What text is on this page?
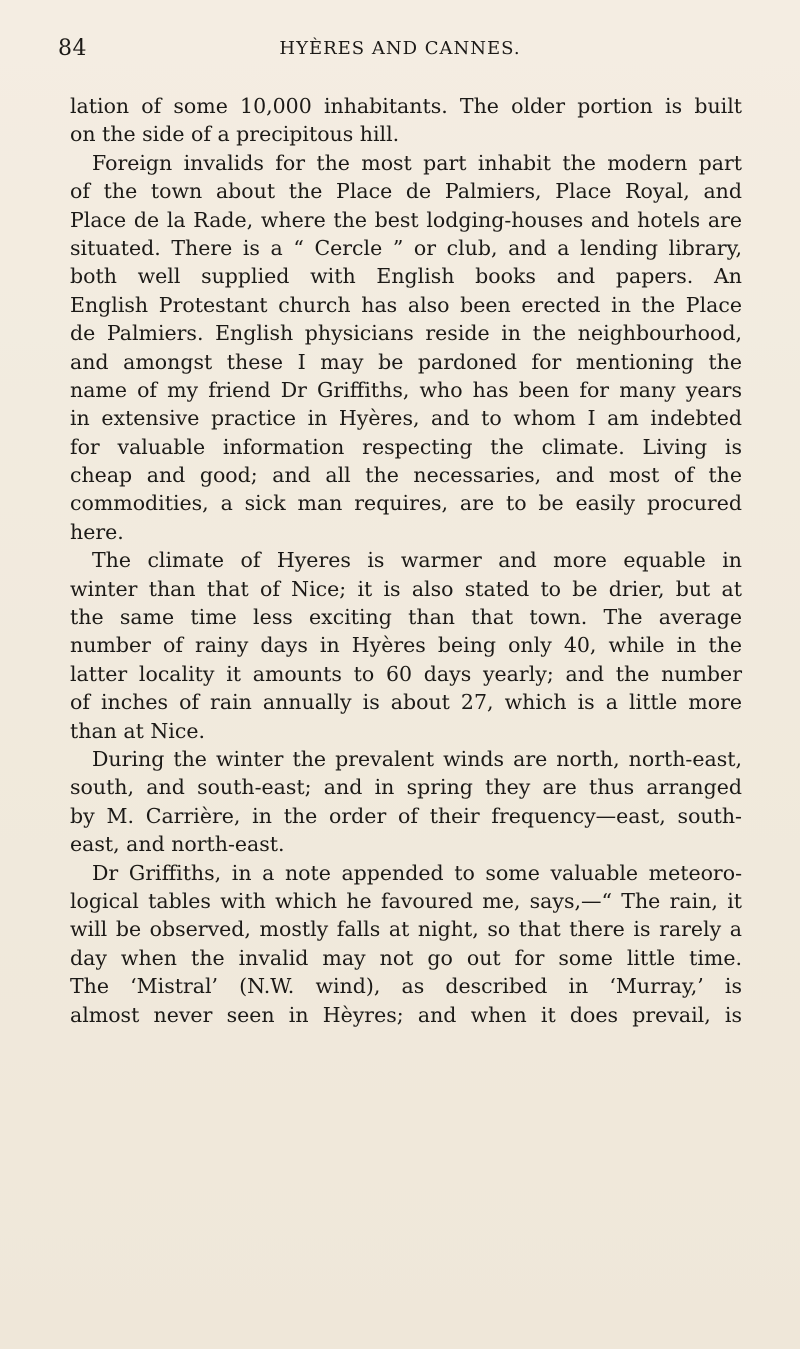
84	HYÈRES AND CANNES.
lation of some 10,000 inhabitants. The older portion is built
on the side of a precipitous hill.
Foreign invalids for the most part inhabit the modern part
of the town about the Place de Palmiers, Place Royal, and
Place de la Rade, where the best lodging-houses and hotels are
situated. There is a “ Cercle ” or club, and a lending library,
both well supplied with English books and papers. An
English Protestant church has also been erected in the Place
de Palmiers. English physicians reside in the neighbourhood,
and amongst these I may be pardoned for mentioning the
name of my friend Dr Griffiths, who has been for many years
in extensive practice in Hyères, and to whom I am indebted
for valuable information respecting the climate. Living is
cheap and good; and all the necessaries, and most of the
commodities, a sick man requires, are to be easily procured
here.
The climate of Hyeres is warmer and more equable in
winter than that of Nice; it is also stated to be drier, but at
the same time less exciting than that town. The average
number of rainy days in Hyères being only 40, while in the
latter locality it amounts to 60 days yearly; and the number
of inches of rain annually is about 27, which is a little more
than at Nice.
During the winter the prevalent winds are north, north-east,
south, and south-east; and in spring they are thus arranged
by M. Carrière, in the order of their frequency—east, south-
east, and north-east.
Dr Griffiths, in a note appended to some valuable meteoro-
logical tables with which he favoured me, says,—“ The rain, it
will be observed, mostly falls at night, so that there is rarely a
day when the invalid may not go out for some little time.
The ‘Mistral’ (N.W. wind), as described in ‘Murray,’ is
almost never seen in Hèyres; and when it does prevail, is
